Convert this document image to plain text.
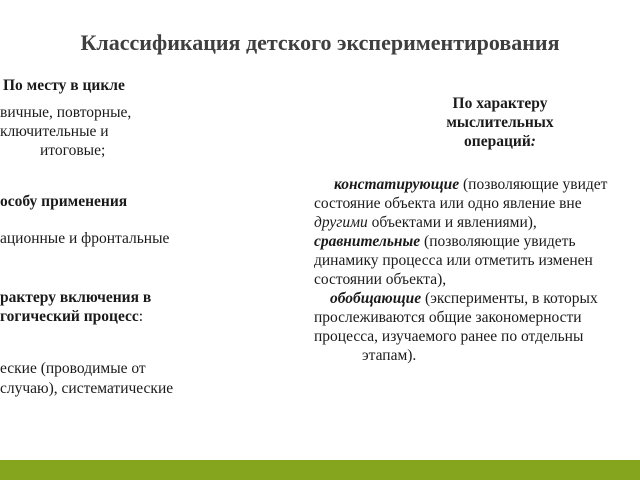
Классификация детского экспериментирования
По месту в цикле
вичные, повторные,
ключительные и
итоговые;
особу применения
ационные и фронтальные
рактеру включения в
гогический процесс:
еские (проводимые от
случаю), систематические
По характеру
мыслительных
операций:
констатирующие (позволяющие увидет
состояние объекта или одно явление вне
другими объектами и явлениями),
сравнительные (позволяющие увидеть
динамику процесса или отметить изменен
состоянии объекта),
обобщающие (эксперименты, в которых
прослеживаются общие закономерности
процесса, изучаемого ранее по отдельны
этапам).
